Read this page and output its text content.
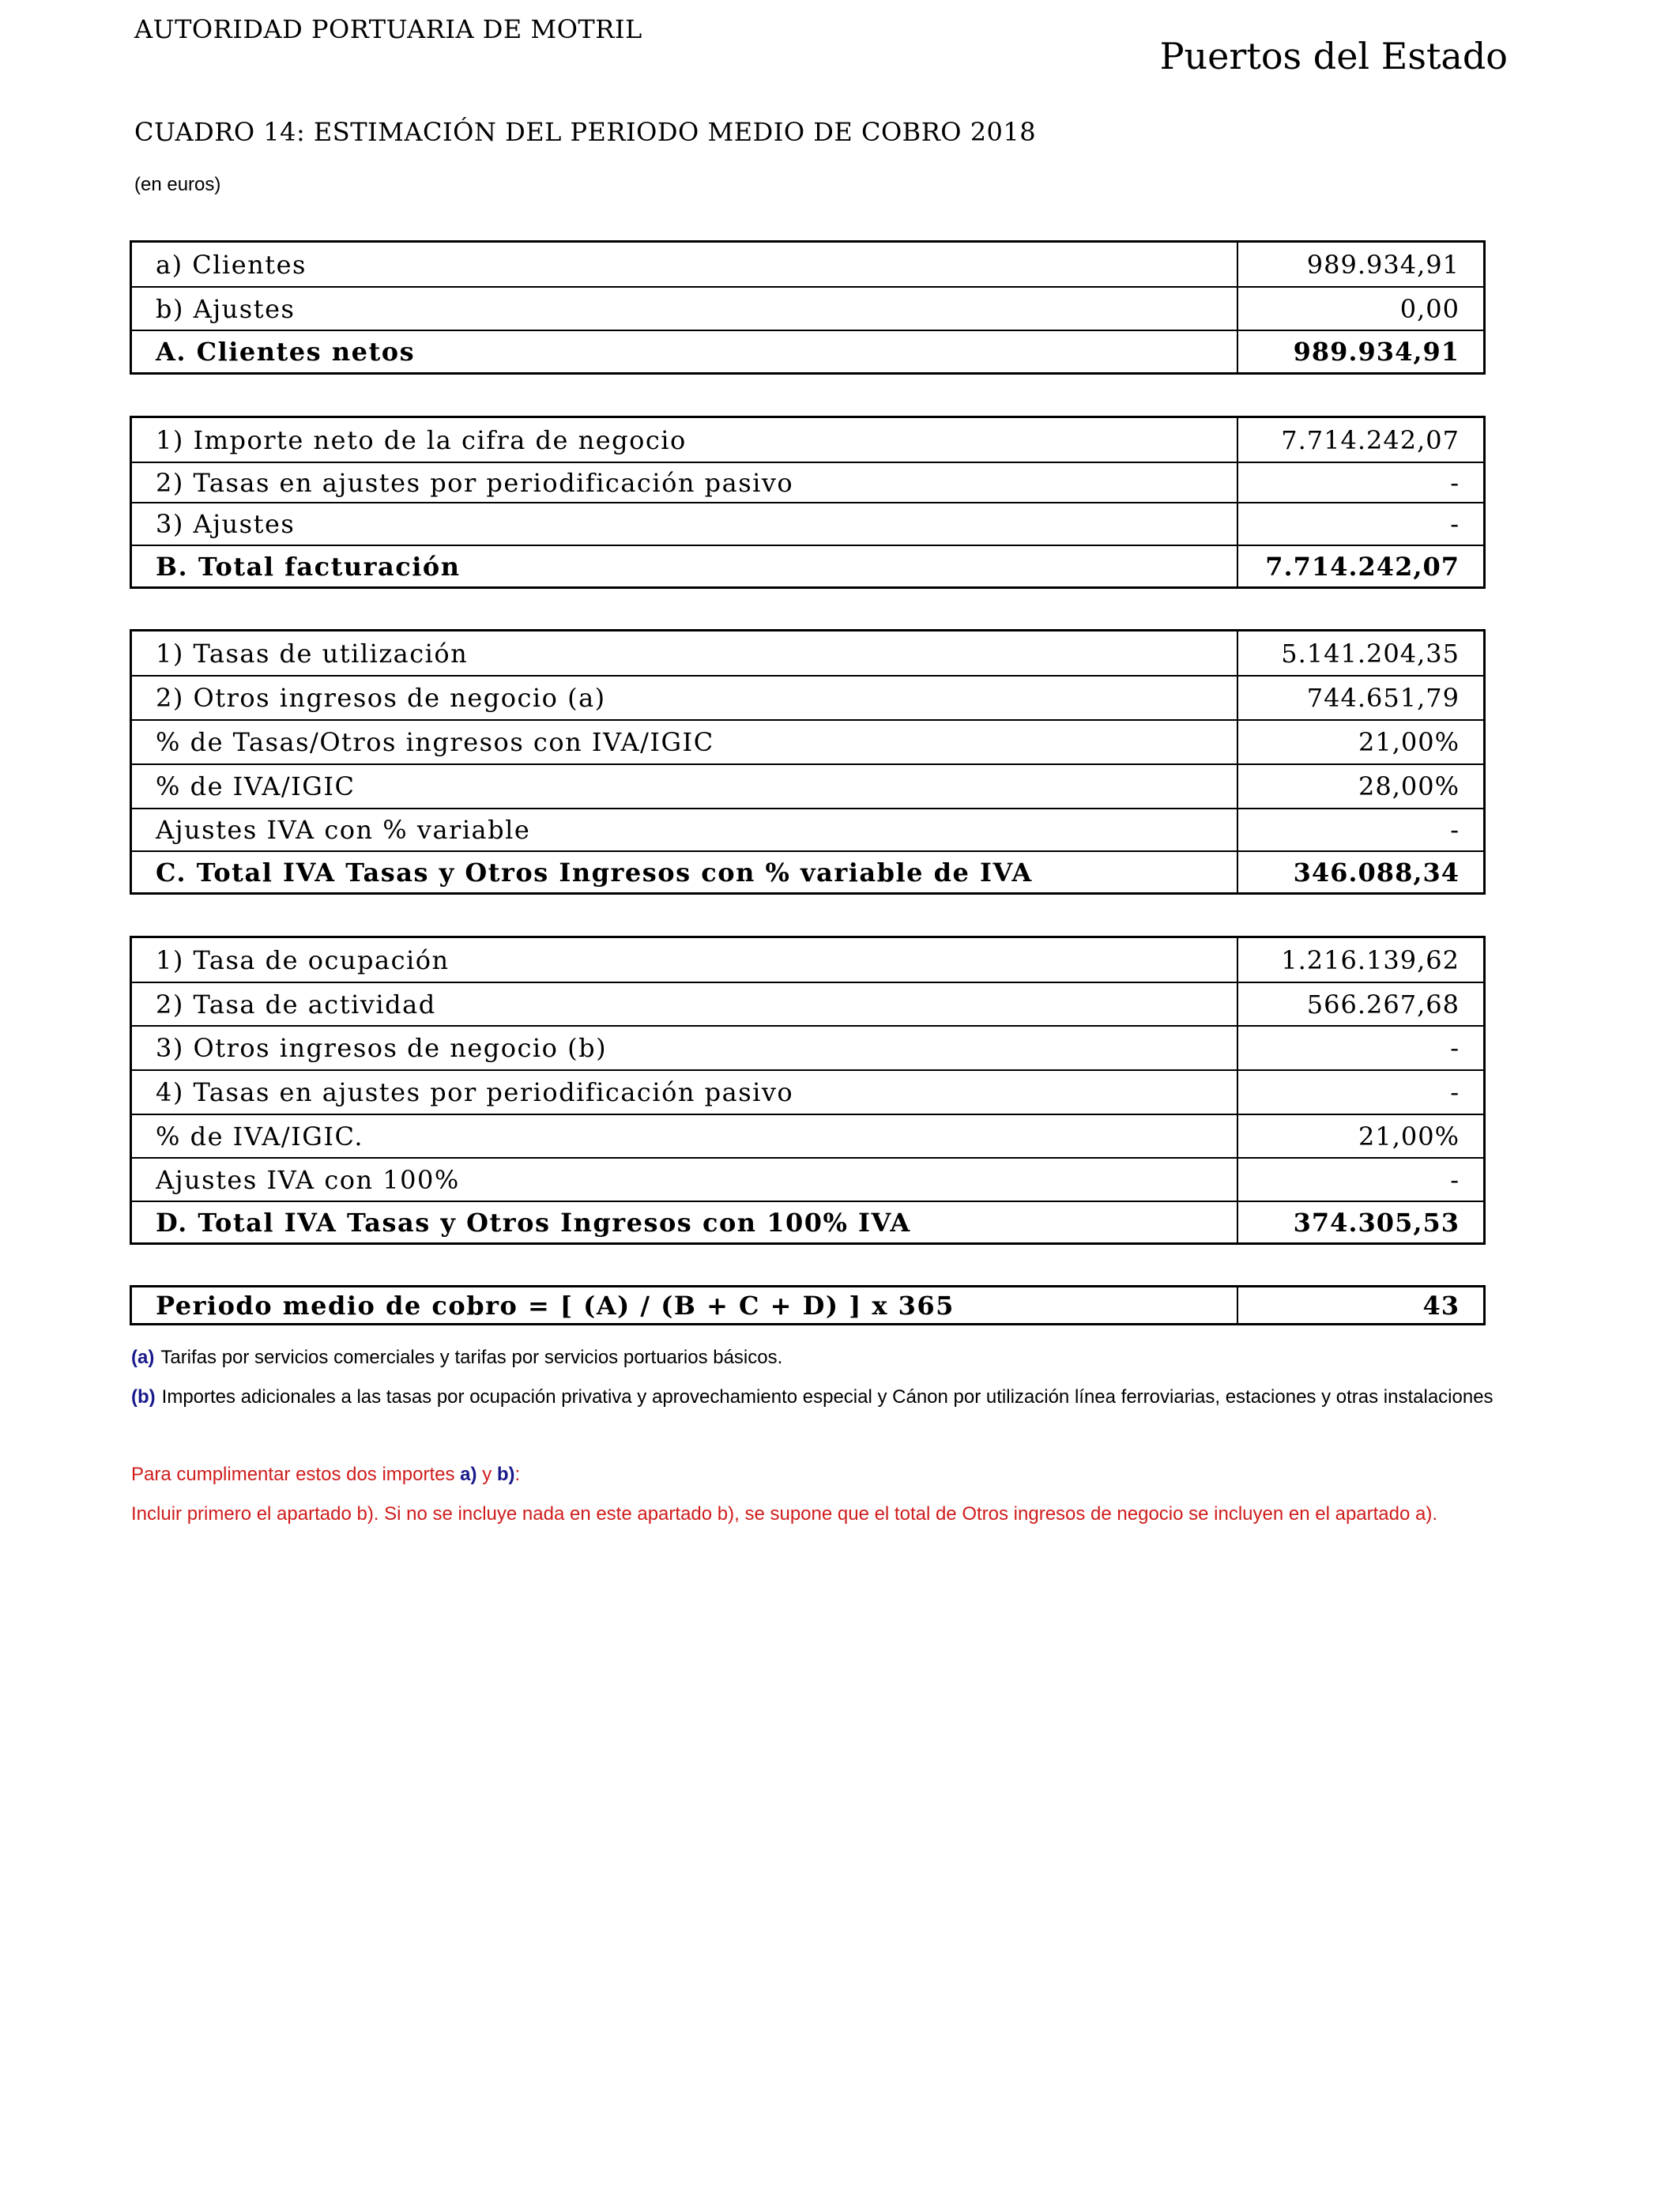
AUTORIDAD PORTUARIA DE MOTRIL
Puertos del Estado
CUADRO 14: ESTIMACIÓN DEL PERIODO MEDIO DE COBRO 2018
(en euros)
a) Clientes	989.934,91
b) Ajustes	0,00
A. Clientes netos	989.934,91
1) Importe neto de la cifra de negocio	7.714.242,07
2) Tasas en ajustes por periodificación pasivo	-
3) Ajustes	-
B. Total facturación	7.714.242,07
1) Tasas de utilización	5.141.204,35
2) Otros ingresos de negocio (a)	744.651,79
% de Tasas/Otros ingresos con IVA/IGIC	21,00%
% de IVA/IGIC	28,00%
Ajustes IVA con % variable	-
C. Total IVA Tasas y Otros Ingresos con % variable de IVA	346.088,34
1) Tasa de ocupación	1.216.139,62
2) Tasa de actividad	566.267,68
3) Otros ingresos de negocio (b)	-
4) Tasas en ajustes por periodificación pasivo	-
% de IVA/IGIC.	21,00%
Ajustes IVA con 100%	-
D. Total IVA Tasas y Otros Ingresos con 100% IVA	374.305,53
Periodo medio de cobro = [ (A) / (B + C + D) ] x 365	43
(a) Tarifas por servicios comerciales y tarifas por servicios portuarios básicos.
(b) Importes adicionales a las tasas por ocupación privativa y aprovechamiento especial y Cánon por utilización línea ferroviarias, estaciones y otras instalaciones
Para cumplimentar estos dos importes a) y b):
Incluir primero el apartado b). Si no se incluye nada en este apartado b), se supone que el total de Otros ingresos de negocio se incluyen en el apartado a).
